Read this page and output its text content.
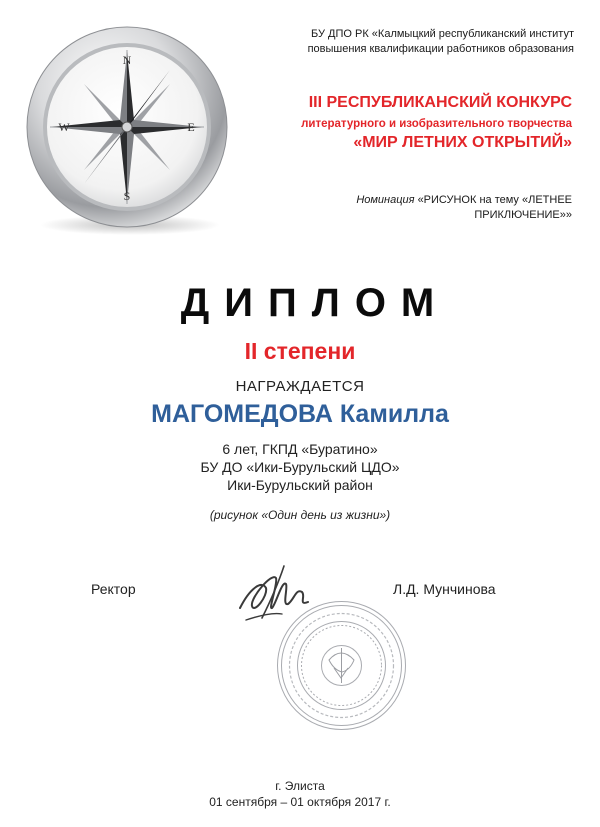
N
S
W	E
БУ ДПО РК «Калмыцкий республиканский институт
повышения квалификации работников образования
III РЕСПУБЛИКАНСКИЙ КОНКУРС
литературного и изобразительного творчества
«МИР ЛЕТНИХ ОТКРЫТИЙ»
Номинация «РИСУНОК на тему «ЛЕТНЕЕ
ПРИКЛЮЧЕНИЕ»»
ДИПЛОМ
II степени
НАГРАЖДАЕТСЯ
МАГОМЕДОВА Камилла
6 лет, ГКПД «Буратино»
БУ ДО «Ики-Бурульский ЦДО»
Ики-Бурульский район
(рисунок «Один день из жизни»)
Ректор	Л.Д. Мунчинова
г. Элиста
01 сентября – 01 октября 2017 г.
